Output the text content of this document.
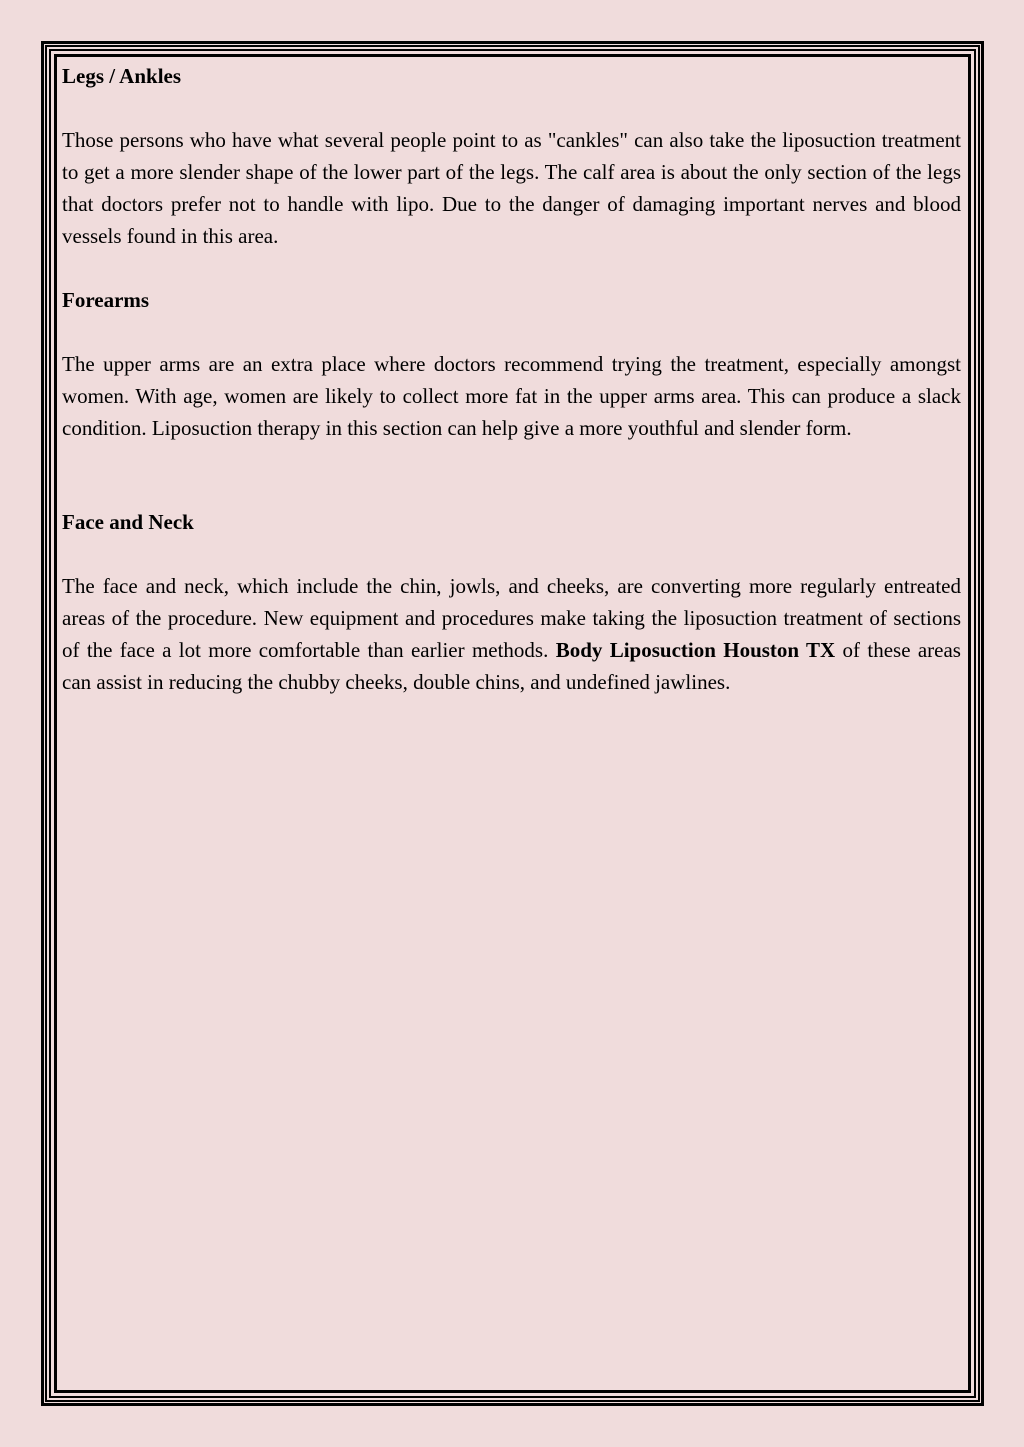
Legs / Ankles

Those persons who have what several people point to as "cankles" can also take the liposuction treatment to get a more slender shape of the lower part of the legs. The calf area is about the only section of the legs that doctors prefer not to handle with lipo. Due to the danger of damaging important nerves and blood vessels found in this area.

Forearms

The upper arms are an extra place where doctors recommend trying the treatment, especially amongst women. With age, women are likely to collect more fat in the upper arms area. This can produce a slack condition. Liposuction therapy in this section can help give a more youthful and slender form.

Face and Neck

The face and neck, which include the chin, jowls, and cheeks, are converting more regularly entreated areas of the procedure. New equipment and procedures make taking the liposuction treatment of sections of the face a lot more comfortable than earlier methods. Body Liposuction Houston TX of these areas can assist in reducing the chubby cheeks, double chins, and undefined jawlines.
